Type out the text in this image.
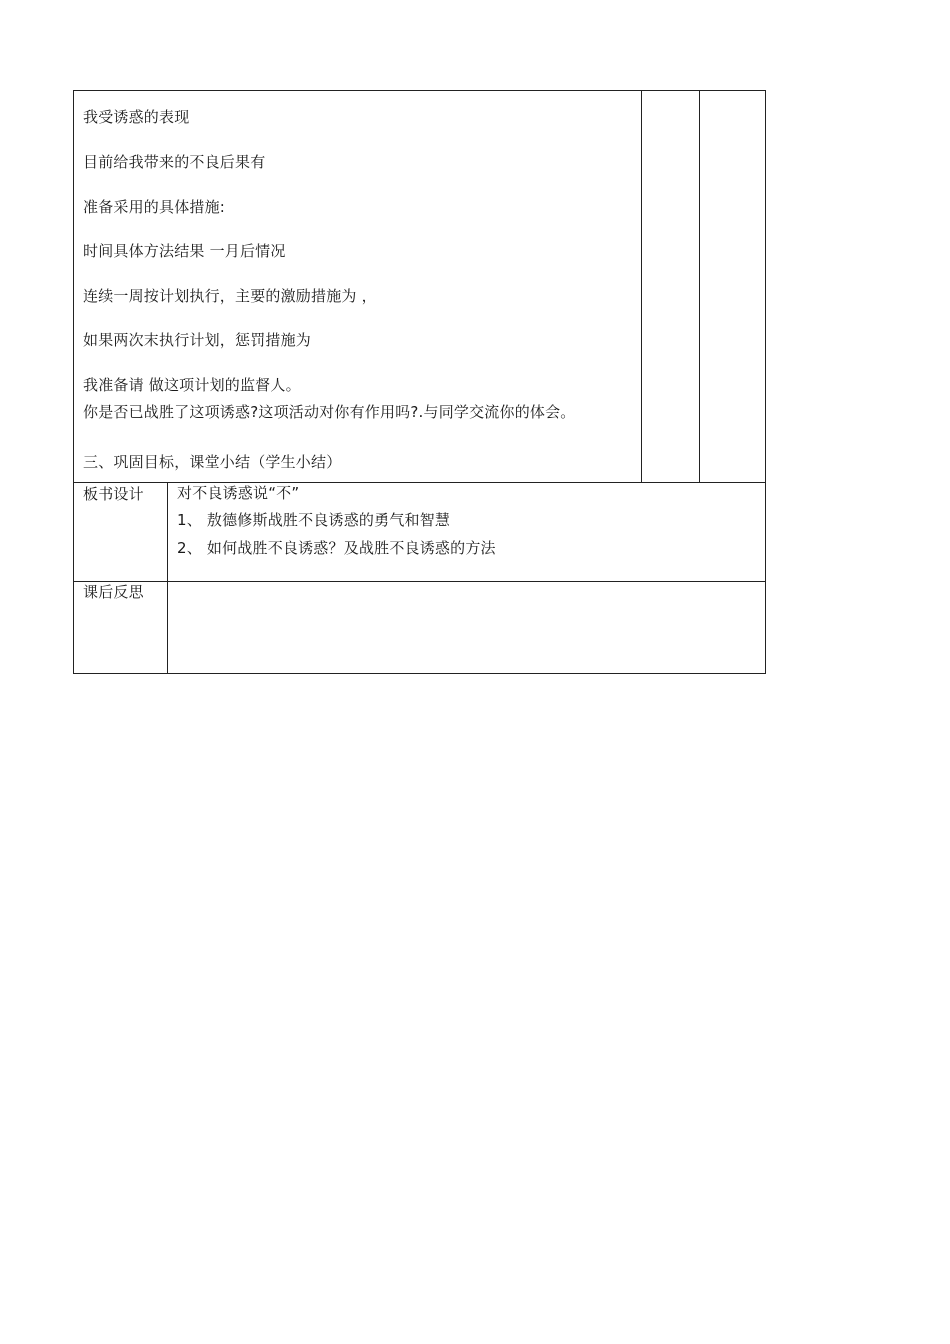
我受诱惑的表现
目前给我带来的不良后果有
准备采用的具体措施:
时间具体方法结果 一月后情况
连续一周按计划执行，主要的激励措施为 ，
如果两次末执行计划，惩罚措施为
我准备请 做这项计划的监督人。
你是否已战胜了这项诱惑?这项活动对你有作用吗?.与同学交流你的体会。
三、巩固目标，课堂小结（学生小结）
板书设计 对不良诱惑说“不”
1、 敖德修斯战胜不良诱惑的勇气和智慧
2、 如何战胜不良诱惑？及战胜不良诱惑的方法
课后反思
